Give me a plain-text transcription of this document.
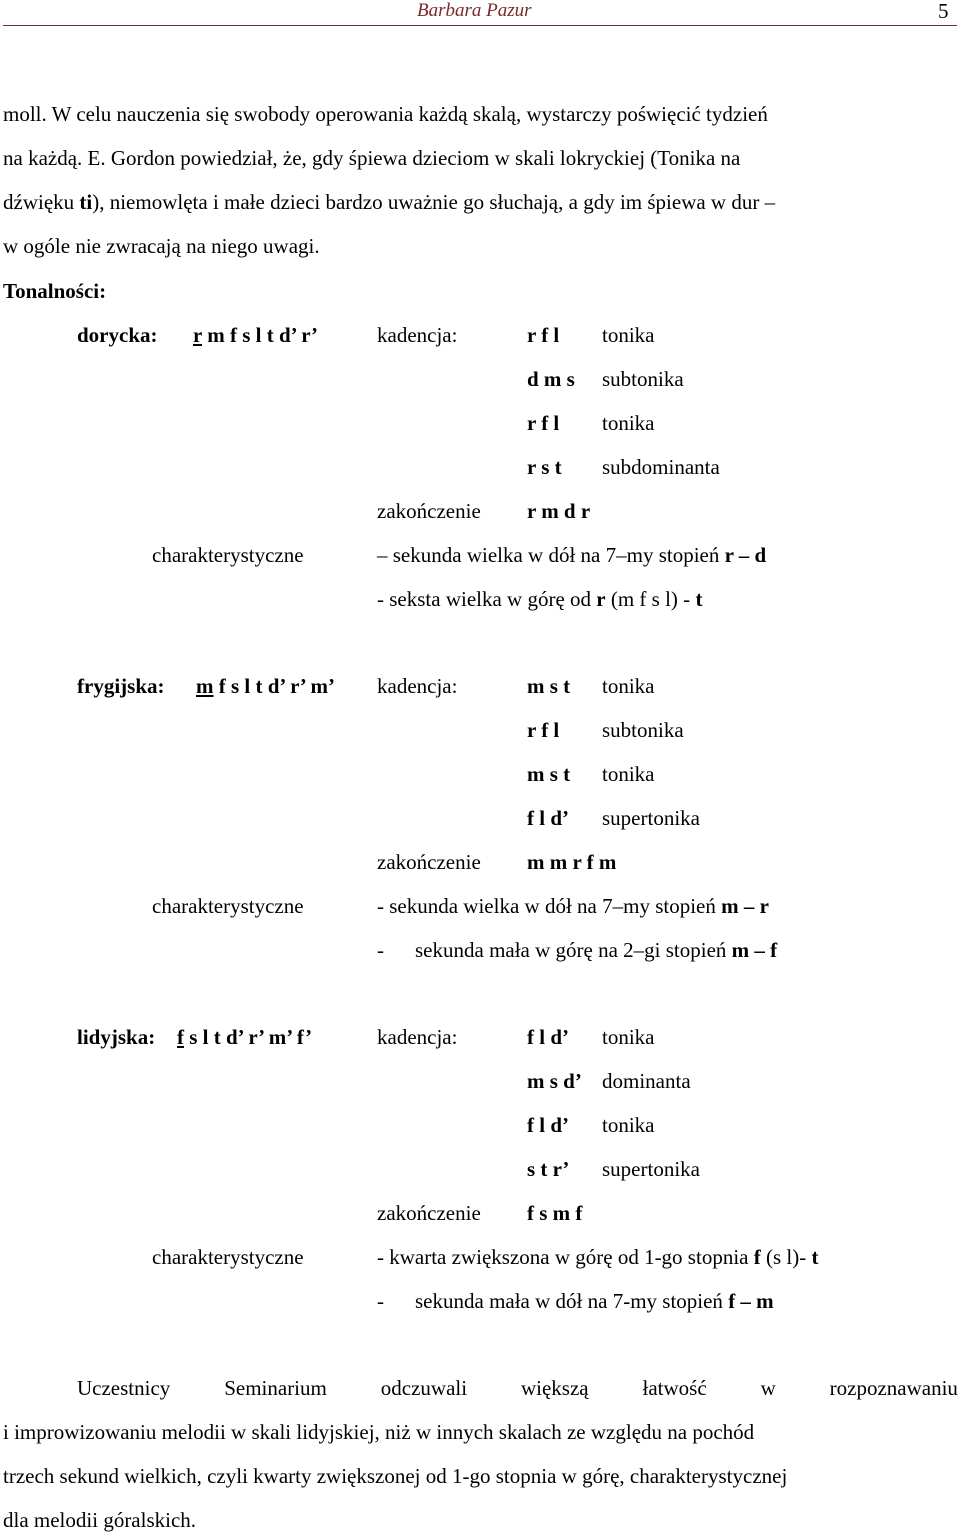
Barbara Pazur	5
moll. W celu nauczenia się swobody operowania każdą skalą, wystarczy poświęcić tydzień
na każdą. E. Gordon powiedział, że, gdy śpiewa dzieciom w skali lokryckiej (Tonika na
dźwięku ti), niemowlęta i małe dzieci bardzo uważnie go słuchają, a gdy im śpiewa w dur –
w ogóle nie zwracają na niego uwagi.
Tonalności:
dorycka: r m f s l t d’ r’	kadencja:	r f l tonika
d m s subtonika
r f l tonika
r s t subdominanta
zakończenie r m d r
charakterystyczne	– sekunda wielka w dół na 7–my stopień r – d
- seksta wielka w górę od r (m f s l) - t
frygijska: m f s l t d’ r’ m’ kadencja:	m s t tonika
r f l subtonika
m s t tonika
f l d’ supertonika
zakończenie m m r f m
charakterystyczne	- sekunda wielka w dół na 7–my stopień m – r
- sekunda mała w górę na 2–gi stopień m – f
lidyjska: f s l t d’ r’ m’ f’	kadencja:	f l d’ tonika
m s d’ dominanta
f l d’ tonika
s t r’ supertonika
zakończenie f s m f
charakterystyczne	- kwarta zwiększona w górę od 1-go stopnia f (s l)- t
- sekunda mała w dół na 7-my stopień f – m
Uczestnicy	Seminarium	odczuwali	większą	łatwość	w	rozpoznawaniu
i improwizowaniu melodii w skali lidyjskiej, niż w innych skalach ze względu na pochód
trzech sekund wielkich, czyli kwarty zwiększonej od 1-go stopnia w górę, charakterystycznej
dla melodii góralskich.
